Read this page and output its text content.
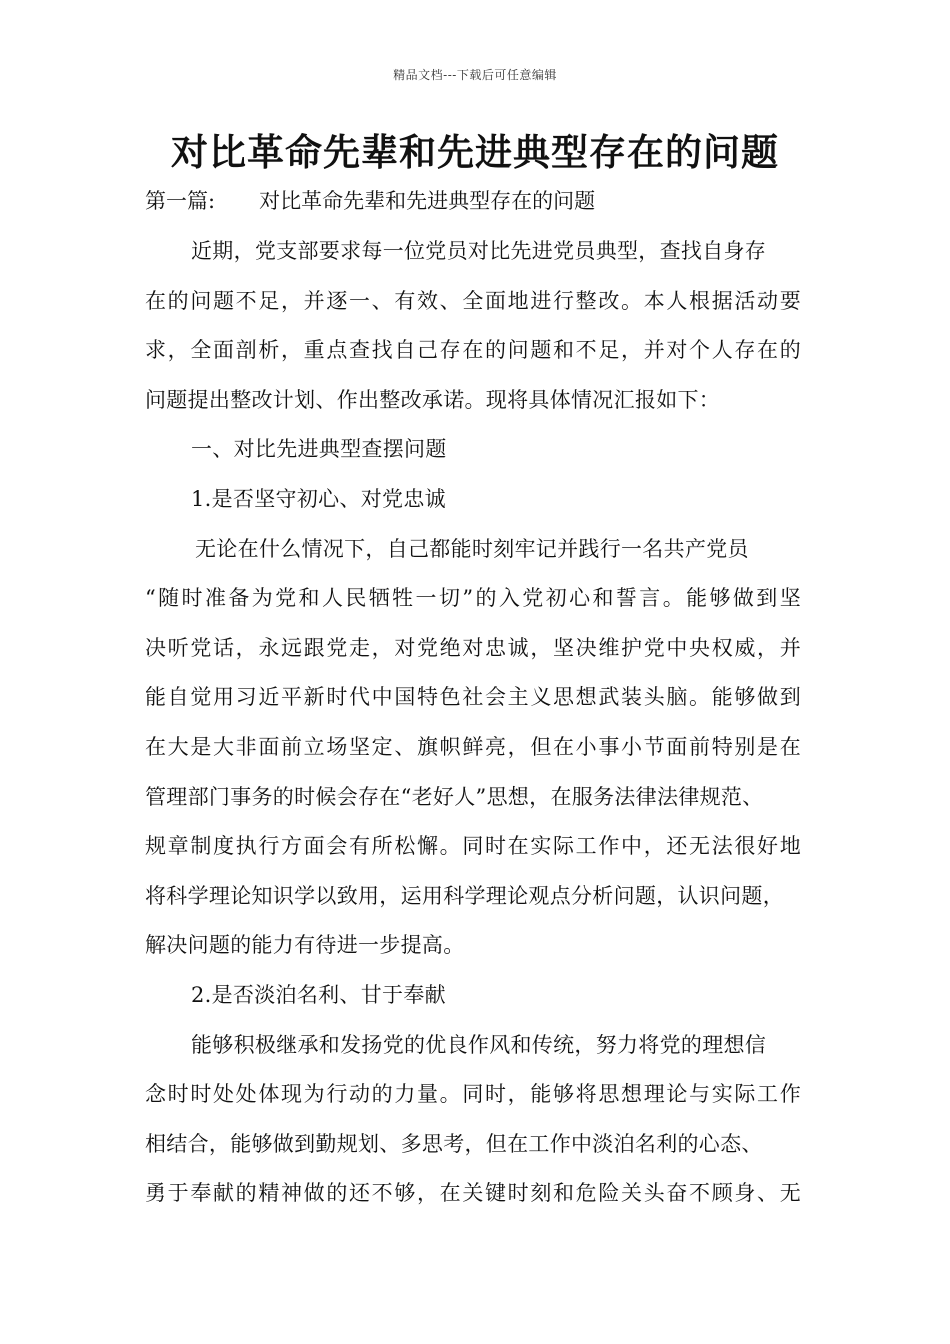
精品文档---下载后可任意编辑
对比革命先辈和先进典型存在的问题
第一篇: 对比革命先辈和先进典型存在的问题
近期，党支部要求每一位党员对比先进党员典型，查找自身存
在的问题不足，并逐一、有效、全面地进行整改。本人根据活动要
求，全面剖析，重点查找自己存在的问题和不足，并对个人存在的
问题提出整改计划、作出整改承诺。现将具体情况汇报如下：
一、对比先进典型查摆问题
1.是否坚守初心、对党忠诚
无论在什么情况下，自己都能时刻牢记并践行一名共产党员
“随时准备为党和人民牺牲一切”的入党初心和誓言。能够做到坚
决听党话，永远跟党走，对党绝对忠诚，坚决维护党中央权威，并
能自觉用习近平新时代中国特色社会主义思想武装头脑。能够做到
在大是大非面前立场坚定、旗帜鲜亮，但在小事小节面前特别是在
管理部门事务的时候会存在“老好人”思想，在服务法律法律规范、
规章制度执行方面会有所松懈。同时在实际工作中，还无法很好地
将科学理论知识学以致用，运用科学理论观点分析问题，认识问题，
解决问题的能力有待进一步提高。
2.是否淡泊名利、甘于奉献
能够积极继承和发扬党的优良作风和传统，努力将党的理想信
念时时处处体现为行动的力量。同时，能够将思想理论与实际工作
相结合，能够做到勤规划、多思考，但在工作中淡泊名利的心态、
勇于奉献的精神做的还不够，在关键时刻和危险关头奋不顾身、无
